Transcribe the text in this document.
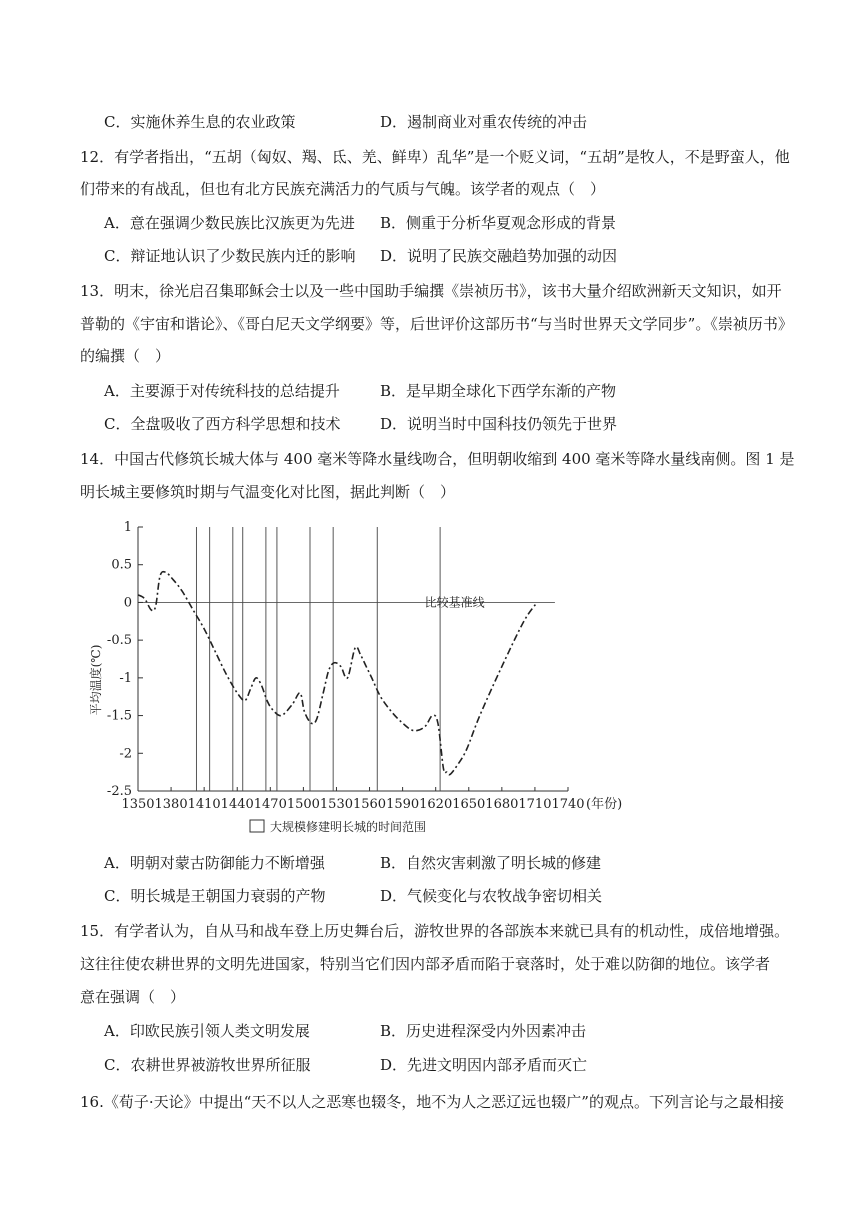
C．实施休养生息的农业政策	D．遏制商业对重农传统的冲击
12．有学者指出，“五胡（匈奴、羯、氐、羌、鲜卑）乱华”是一个贬义词，“五胡”是牧人，不是野蛮人，他
们带来的有战乱，但也有北方民族充满活力的气质与气魄。该学者的观点（　）
A．意在强调少数民族比汉族更为先进 B．侧重于分析华夏观念形成的背景
C．辩证地认识了少数民族内迁的影响 D．说明了民族交融趋势加强的动因
13．明末，徐光启召集耶稣会士以及一些中国助手编撰《崇祯历书》，该书大量介绍欧洲新天文知识，如开
普勒的《宇宙和谐论》、《哥白尼天文学纲要》等，后世评价这部历书“与当时世界天文学同步”。《崇祯历书》
的编撰（　）
A．主要源于对传统科技的总结提升	B．是早期全球化下西学东渐的产物
C．全盘吸收了西方科学思想和技术	D．说明当时中国科技仍领先于世界
14．中国古代修筑长城大体与 400 毫米等降水量线吻合，但明朝收缩到 400 毫米等降水量线南侧。图 1 是
明长城主要修筑时期与气温变化对比图，据此判断（　）
1
0.5
0
-0.5
-1
-1.5
-2
-2.5
1350 1380 1410 1440 1470 1500 1530 1560 1590 1620 1650 1680 1710 1740
平均温度(℃)
(年份)
比较基准线
大规模修建明长城的时间范围
A．明朝对蒙古防御能力不断增强	B．自然灾害刺激了明长城的修建
C．明长城是王朝国力衰弱的产物	D．气候变化与农牧战争密切相关
15．有学者认为，自从马和战车登上历史舞台后，游牧世界的各部族本来就已具有的机动性，成倍地增强。
这往往使农耕世界的文明先进国家，特别当它们因内部矛盾而陷于衰落时，处于难以防御的地位。该学者
意在强调（　）
A．印欧民族引领人类文明发展	B．历史进程深受内外因素冲击
C．农耕世界被游牧世界所征服	D．先进文明因内部矛盾而灭亡
16.《荀子·天论》中提出“天不以人之恶寒也辍冬，地不为人之恶辽远也辍广”的观点。下列言论与之最相接
